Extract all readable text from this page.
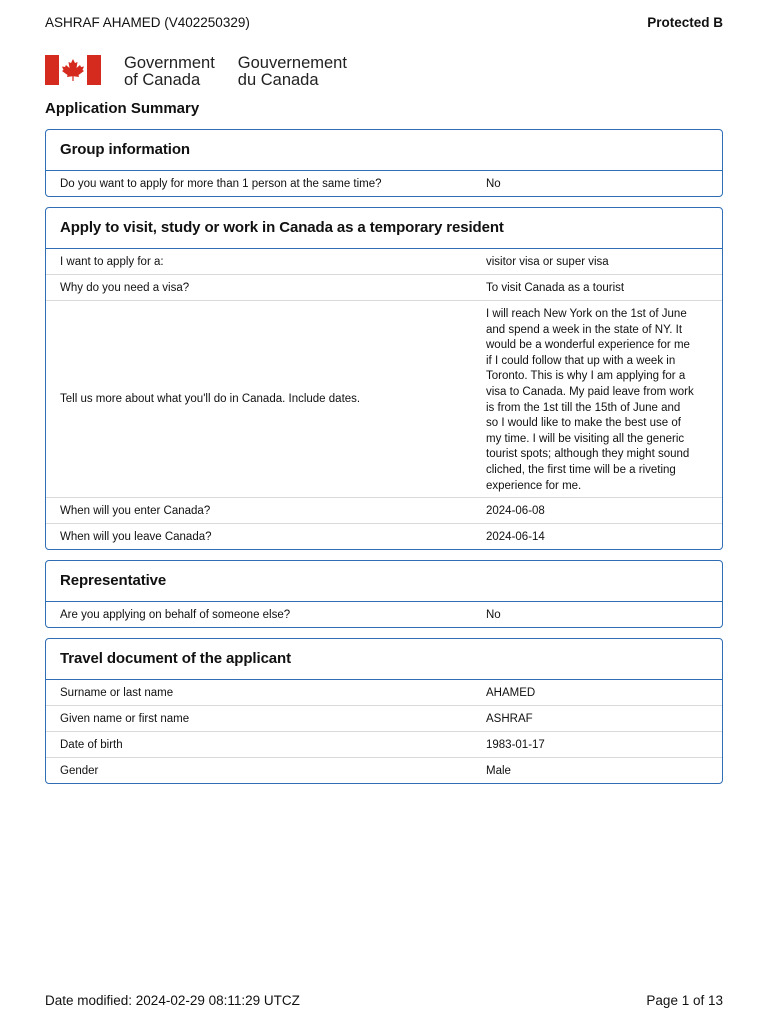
ASHRAF AHAMED (V402250329)	Protected B
Government
of Canada
Gouvernement
du Canada
Application Summary
Group information
Do you want to apply for more than 1 person at the same time?	No
Apply to visit, study or work in Canada as a temporary resident
I want to apply for a:	visitor visa or super visa
Why do you need a visa?	To visit Canada as a tourist
Tell us more about what you'll do in Canada. Include dates.
I will reach New York on the 1st of June
and spend a week in the state of NY. It
would be a wonderful experience for me
if I could follow that up with a week in
Toronto. This is why I am applying for a
visa to Canada. My paid leave from work
is from the 1st till the 15th of June and
so I would like to make the best use of
my time. I will be visiting all the generic
tourist spots; although they might sound
cliched, the first time will be a riveting
experience for me.
When will you enter Canada?	2024-06-08
When will you leave Canada?	2024-06-14
Representative
Are you applying on behalf of someone else?	No
Travel document of the applicant
Surname or last name	AHAMED
Given name or first name	ASHRAF
Date of birth	1983-01-17
Gender	Male
Date modified: 2024-02-29 08:11:29 UTCZ	Page 1 of 13
